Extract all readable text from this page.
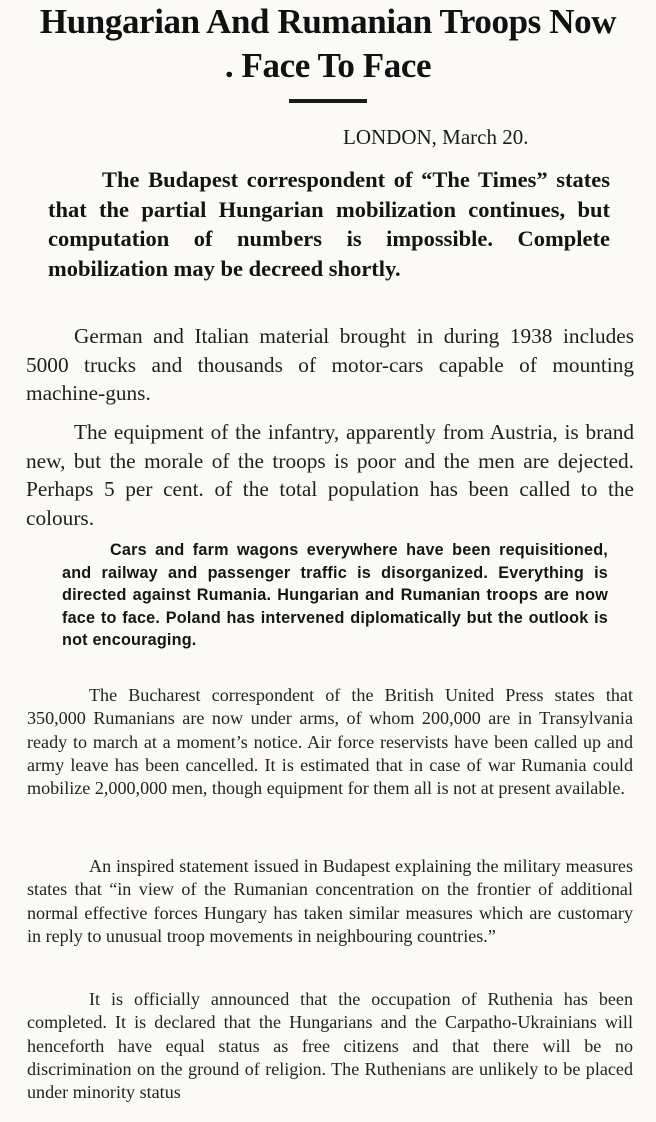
Hungarian And Rumanian Troops Now
. Face To Face
LONDON, March 20.

The Budapest correspondent of “The Times” states that the partial Hungarian mobilization continues, but computation of numbers is impossible. Complete mobilization may be decreed shortly.

German and Italian material brought in during 1938 includes 5000 trucks and thousands of motor-cars capable of mounting machine-guns.

The equipment of the infantry, apparently from Austria, is brand new, but the morale of the troops is poor and the men are dejected. Perhaps 5 per cent. of the total population has been called to the colours.

Cars and farm wagons everywhere have been requisitioned, and railway and passenger traffic is disorganized. Everything is directed against Rumania. Hungarian and Rumanian troops are now face to face. Poland has intervened diplomatically but the outlook is not encouraging.

The Bucharest correspondent of the British United Press states that 350,000 Rumanians are now under arms, of whom 200,000 are in Transylvania ready to march at a moment’s notice. Air force reservists have been called up and army leave has been cancelled. It is estimated that in case of war Rumania could mobilize 2,000,000 men, though equipment for them all is not at present available.

An inspired statement issued in Budapest explaining the military measures states that “in view of the Rumanian concentration on the frontier of additional normal effective forces Hungary has taken similar measures which are customary in reply to unusual troop movements in neighbouring countries.”

It is officially announced that the occupation of Ruthenia has been completed. It is declared that the Hungarians and the Carpatho-Ukrainians will henceforth have equal status as free citizens and that there will be no discrimination on the ground of religion. The Ruthenians are unlikely to be placed under minority status
